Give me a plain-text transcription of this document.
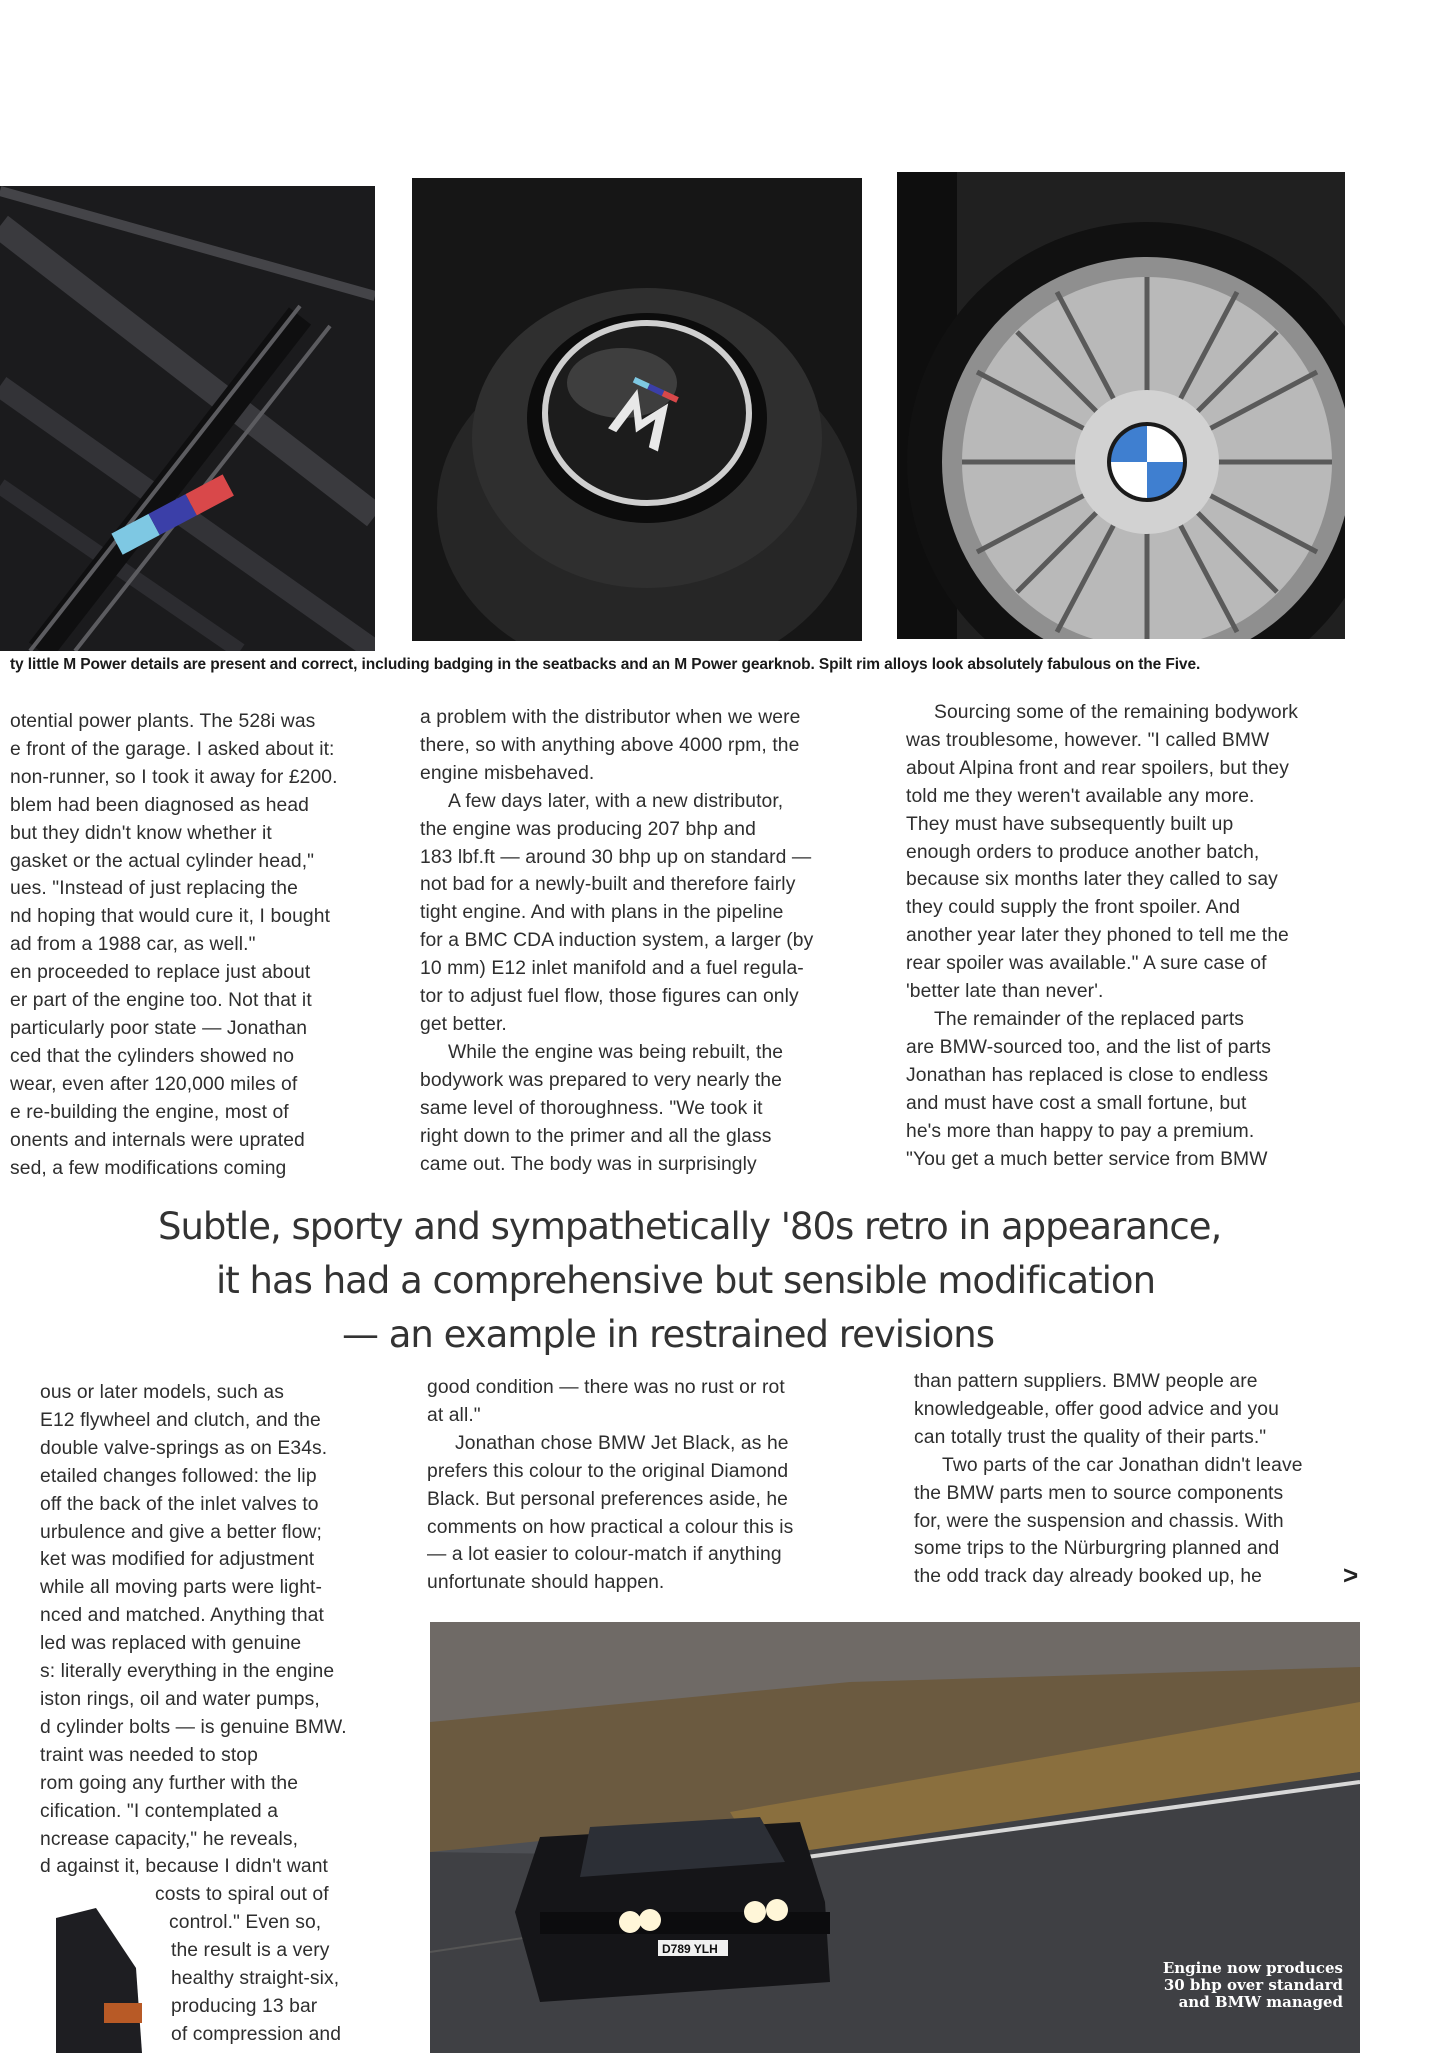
ty little M Power details are present and correct, including badging in the seatbacks and an M Power gearknob. Spilt rim alloys look absolutely fabulous on the Five.

otential power plants. The 528i was

e front of the garage. I asked about it:

non-runner, so I took it away for £200.

blem had been diagnosed as head

but they didn't know whether it

gasket or the actual cylinder head,"

ues. "Instead of just replacing the

nd hoping that would cure it, I bought

ad from a 1988 car, as well."

en proceeded to replace just about

er part of the engine too. Not that it

particularly poor state — Jonathan

ced that the cylinders showed no

wear, even after 120,000 miles of

e re-building the engine, most of

onents and internals were uprated

sed, a few modifications coming

a problem with the distributor when we were

there, so with anything above 4000 rpm, the

engine misbehaved.

A few days later, with a new distributor,

the engine was producing 207 bhp and

183 lbf.ft — around 30 bhp up on standard —

not bad for a newly-built and therefore fairly

tight engine. And with plans in the pipeline

for a BMC CDA induction system, a larger (by

10 mm) E12 inlet manifold and a fuel regula-

tor to adjust fuel flow, those figures can only

get better.

While the engine was being rebuilt, the

bodywork was prepared to very nearly the

same level of thoroughness. "We took it

right down to the primer and all the glass

came out. The body was in surprisingly

Sourcing some of the remaining bodywork

was troublesome, however. "I called BMW

about Alpina front and rear spoilers, but they

told me they weren't available any more.

They must have subsequently built up

enough orders to produce another batch,

because six months later they called to say

they could supply the front spoiler. And

another year later they phoned to tell me the

rear spoiler was available." A sure case of

'better late than never'.

The remainder of the replaced parts

are BMW-sourced too, and the list of parts

Jonathan has replaced is close to endless

and must have cost a small fortune, but

he's more than happy to pay a premium.

"You get a much better service from BMW

Subtle, sporty and sympathetically '80s retro in appearance,
it has had a comprehensive but sensible modification
— an example in restrained revisions

ous or later models, such as

E12 flywheel and clutch, and the

double valve-springs as on E34s.

etailed changes followed: the lip

off the back of the inlet valves to

urbulence and give a better flow;

ket was modified for adjustment

while all moving parts were light-

nced and matched. Anything that

led was replaced with genuine

s: literally everything in the engine

iston rings, oil and water pumps,

d cylinder bolts — is genuine BMW.

traint was needed to stop

rom going any further with the

cification. "I contemplated a

ncrease capacity," he reveals,

d against it, because I didn't want

costs to spiral out of

control." Even so,

the result is a very

healthy straight-six,

producing 13 bar

of compression and

good condition — there was no rust or rot

at all."

Jonathan chose BMW Jet Black, as he

prefers this colour to the original Diamond

Black. But personal preferences aside, he

comments on how practical a colour this is

— a lot easier to colour-match if anything

unfortunate should happen.

than pattern suppliers. BMW people are

knowledgeable, offer good advice and you

can totally trust the quality of their parts."

Two parts of the car Jonathan didn't leave

the BMW parts men to source components

for, were the suspension and chassis. With

some trips to the Nürburgring planned and

the odd track day already booked up, he	>
D789 YLH
Engine now produces
30 bhp over standard
and BMW managed
